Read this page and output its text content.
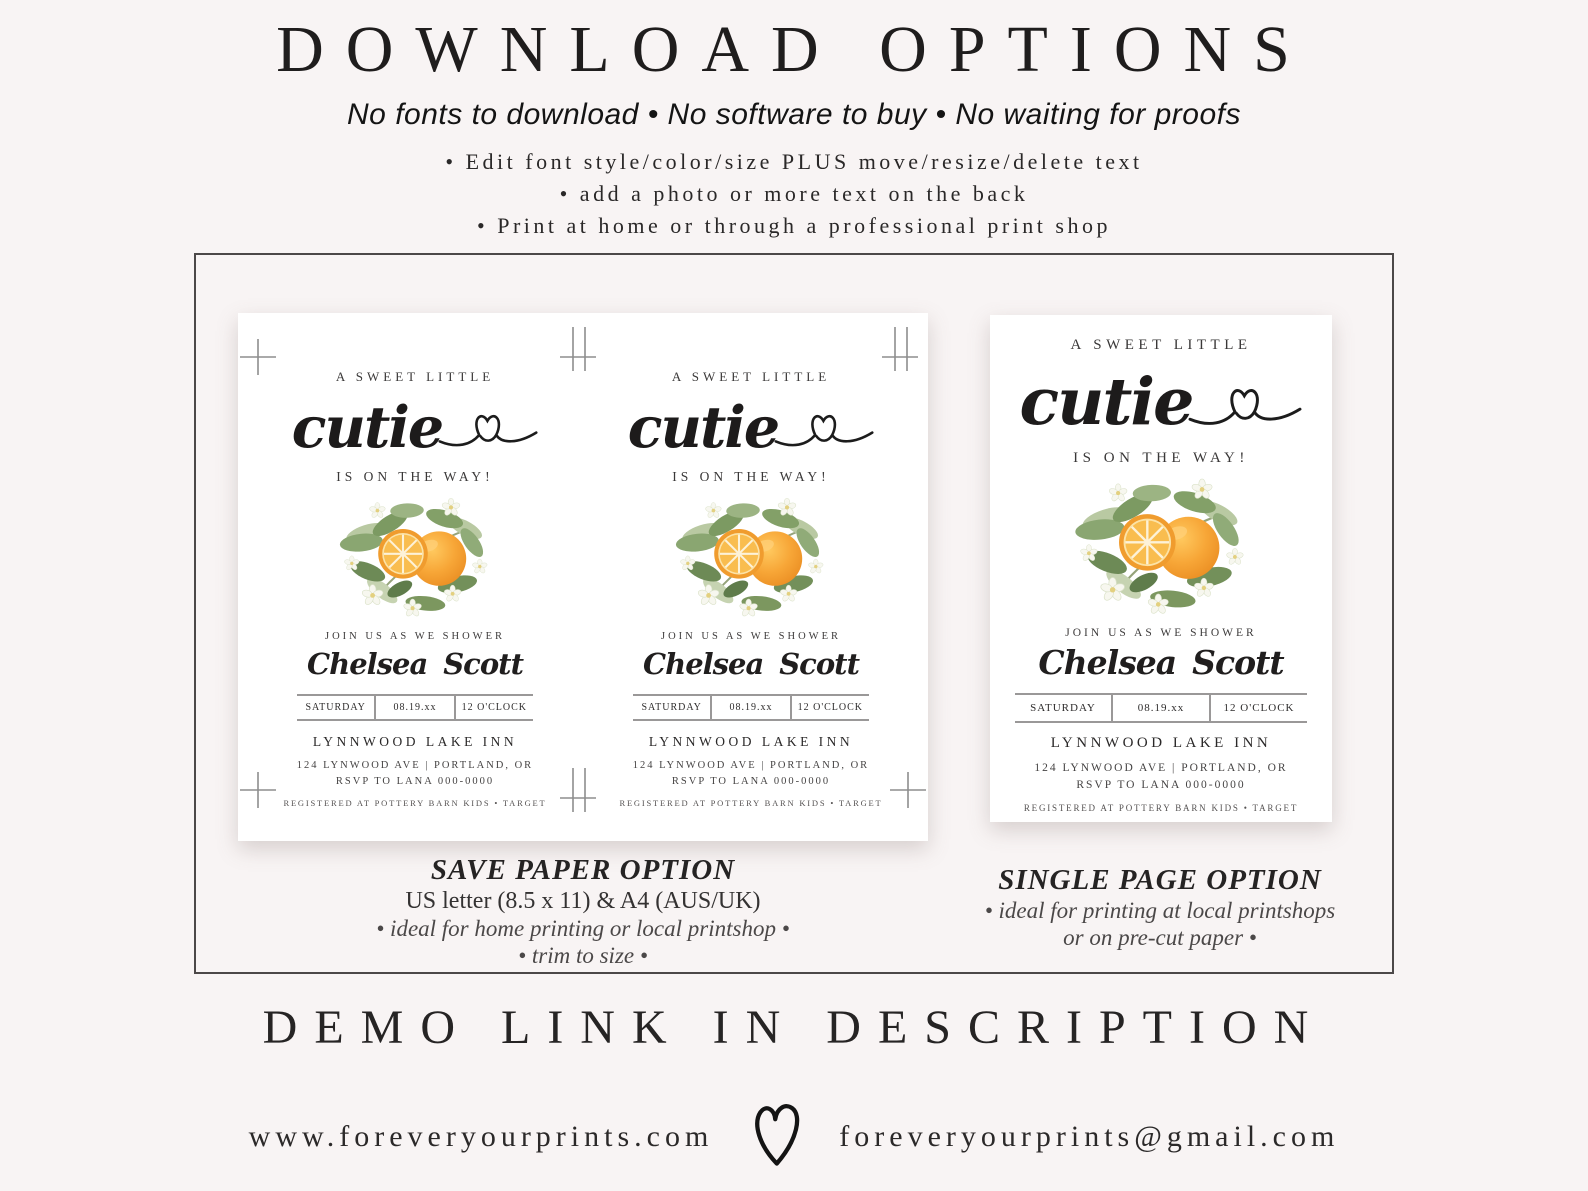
DOWNLOAD OPTIONS
No fonts to download • No software to buy • No waiting for proofs
• Edit font style/color/size PLUS move/resize/delete text
• add a photo or more text on the back
• Print at home or through a professional print shop
A SWEET LITTLE
cutie
IS ON THE WAY!
JOIN US AS WE SHOWER
Chelsea Scott
SATURDAY	08.19.xx	12 O'CLOCK
LYNNWOOD LAKE INN
124 LYNWOOD AVE | PORTLAND, OR
RSVP TO LANA 000-0000
REGISTERED AT POTTERY BARN KIDS • TARGET
A SWEET LITTLE
cutie
IS ON THE WAY!
JOIN US AS WE SHOWER
Chelsea Scott
SATURDAY	08.19.xx	12 O'CLOCK
LYNNWOOD LAKE INN
124 LYNWOOD AVE | PORTLAND, OR
RSVP TO LANA 000-0000
REGISTERED AT POTTERY BARN KIDS • TARGET
A SWEET LITTLE
cutie
IS ON THE WAY!
JOIN US AS WE SHOWER
Chelsea Scott
SATURDAY	08.19.xx	12 O'CLOCK
LYNNWOOD LAKE INN
124 LYNWOOD AVE | PORTLAND, OR
RSVP TO LANA 000-0000
REGISTERED AT POTTERY BARN KIDS • TARGET
SAVE PAPER OPTION
US letter (8.5 x 11) & A4 (AUS/UK)
• ideal for home printing or local printshop •
• trim to size •
SINGLE PAGE OPTION
• ideal for printing at local printshops
or on pre-cut paper •
DEMO LINK IN DESCRIPTION
www.foreveryourprints.com	foreveryourprints@gmail.com
